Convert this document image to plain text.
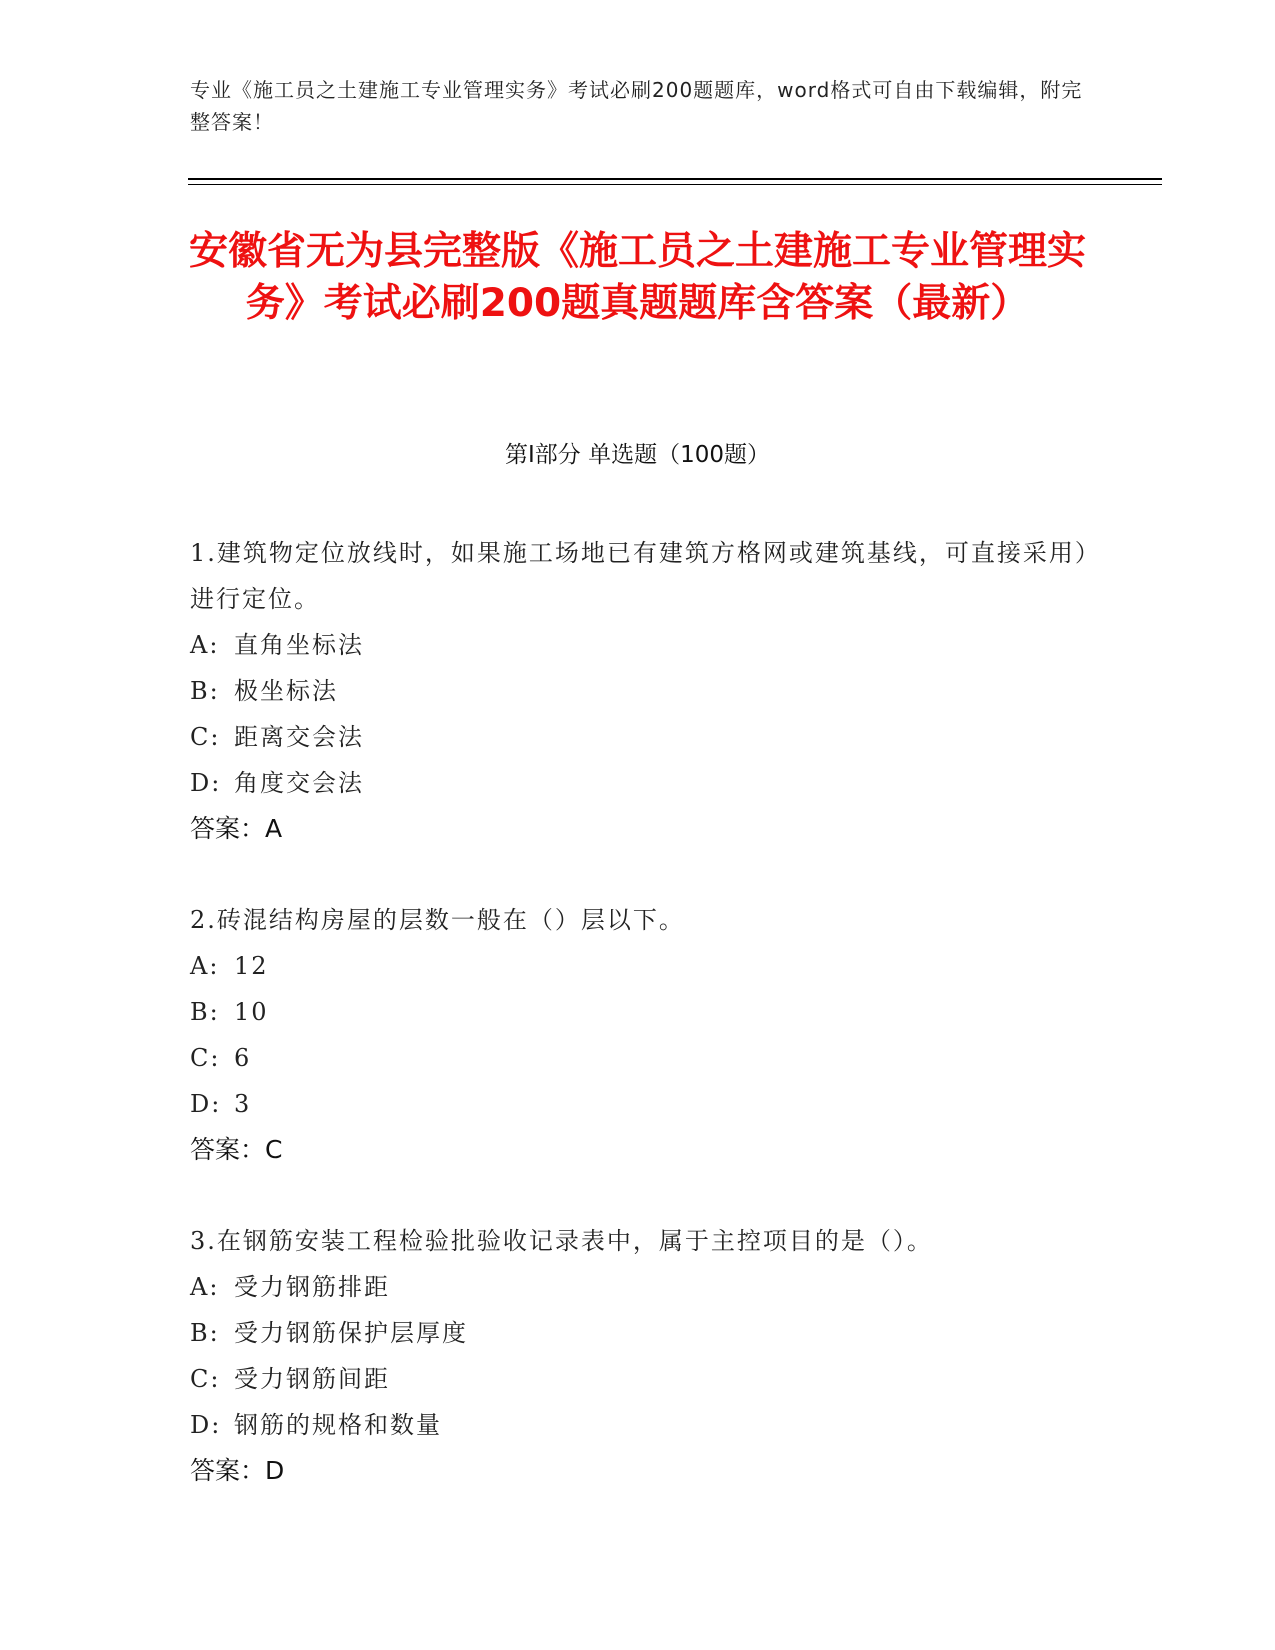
专业《施工员之土建施工专业管理实务》考试必刷200题题库，word格式可自由下载编辑，附完整答案！
安徽省无为县完整版《施工员之土建施工专业管理实务》考试必刷200题真题题库含答案（最新）
第Ⅰ部分 单选题（100题）
1.建筑物定位放线时，如果施工场地已有建筑方格网或建筑基线，可直接采用）进行定位。
A: 直角坐标法
B: 极坐标法
C: 距离交会法
D: 角度交会法
答案：A
2.砖混结构房屋的层数一般在（）层以下。
A: 12
B: 10
C: 6
D: 3
答案：C
3.在钢筋安装工程检验批验收记录表中，属于主控项目的是（）。
A: 受力钢筋排距
B: 受力钢筋保护层厚度
C: 受力钢筋间距
D: 钢筋的规格和数量
答案：D
